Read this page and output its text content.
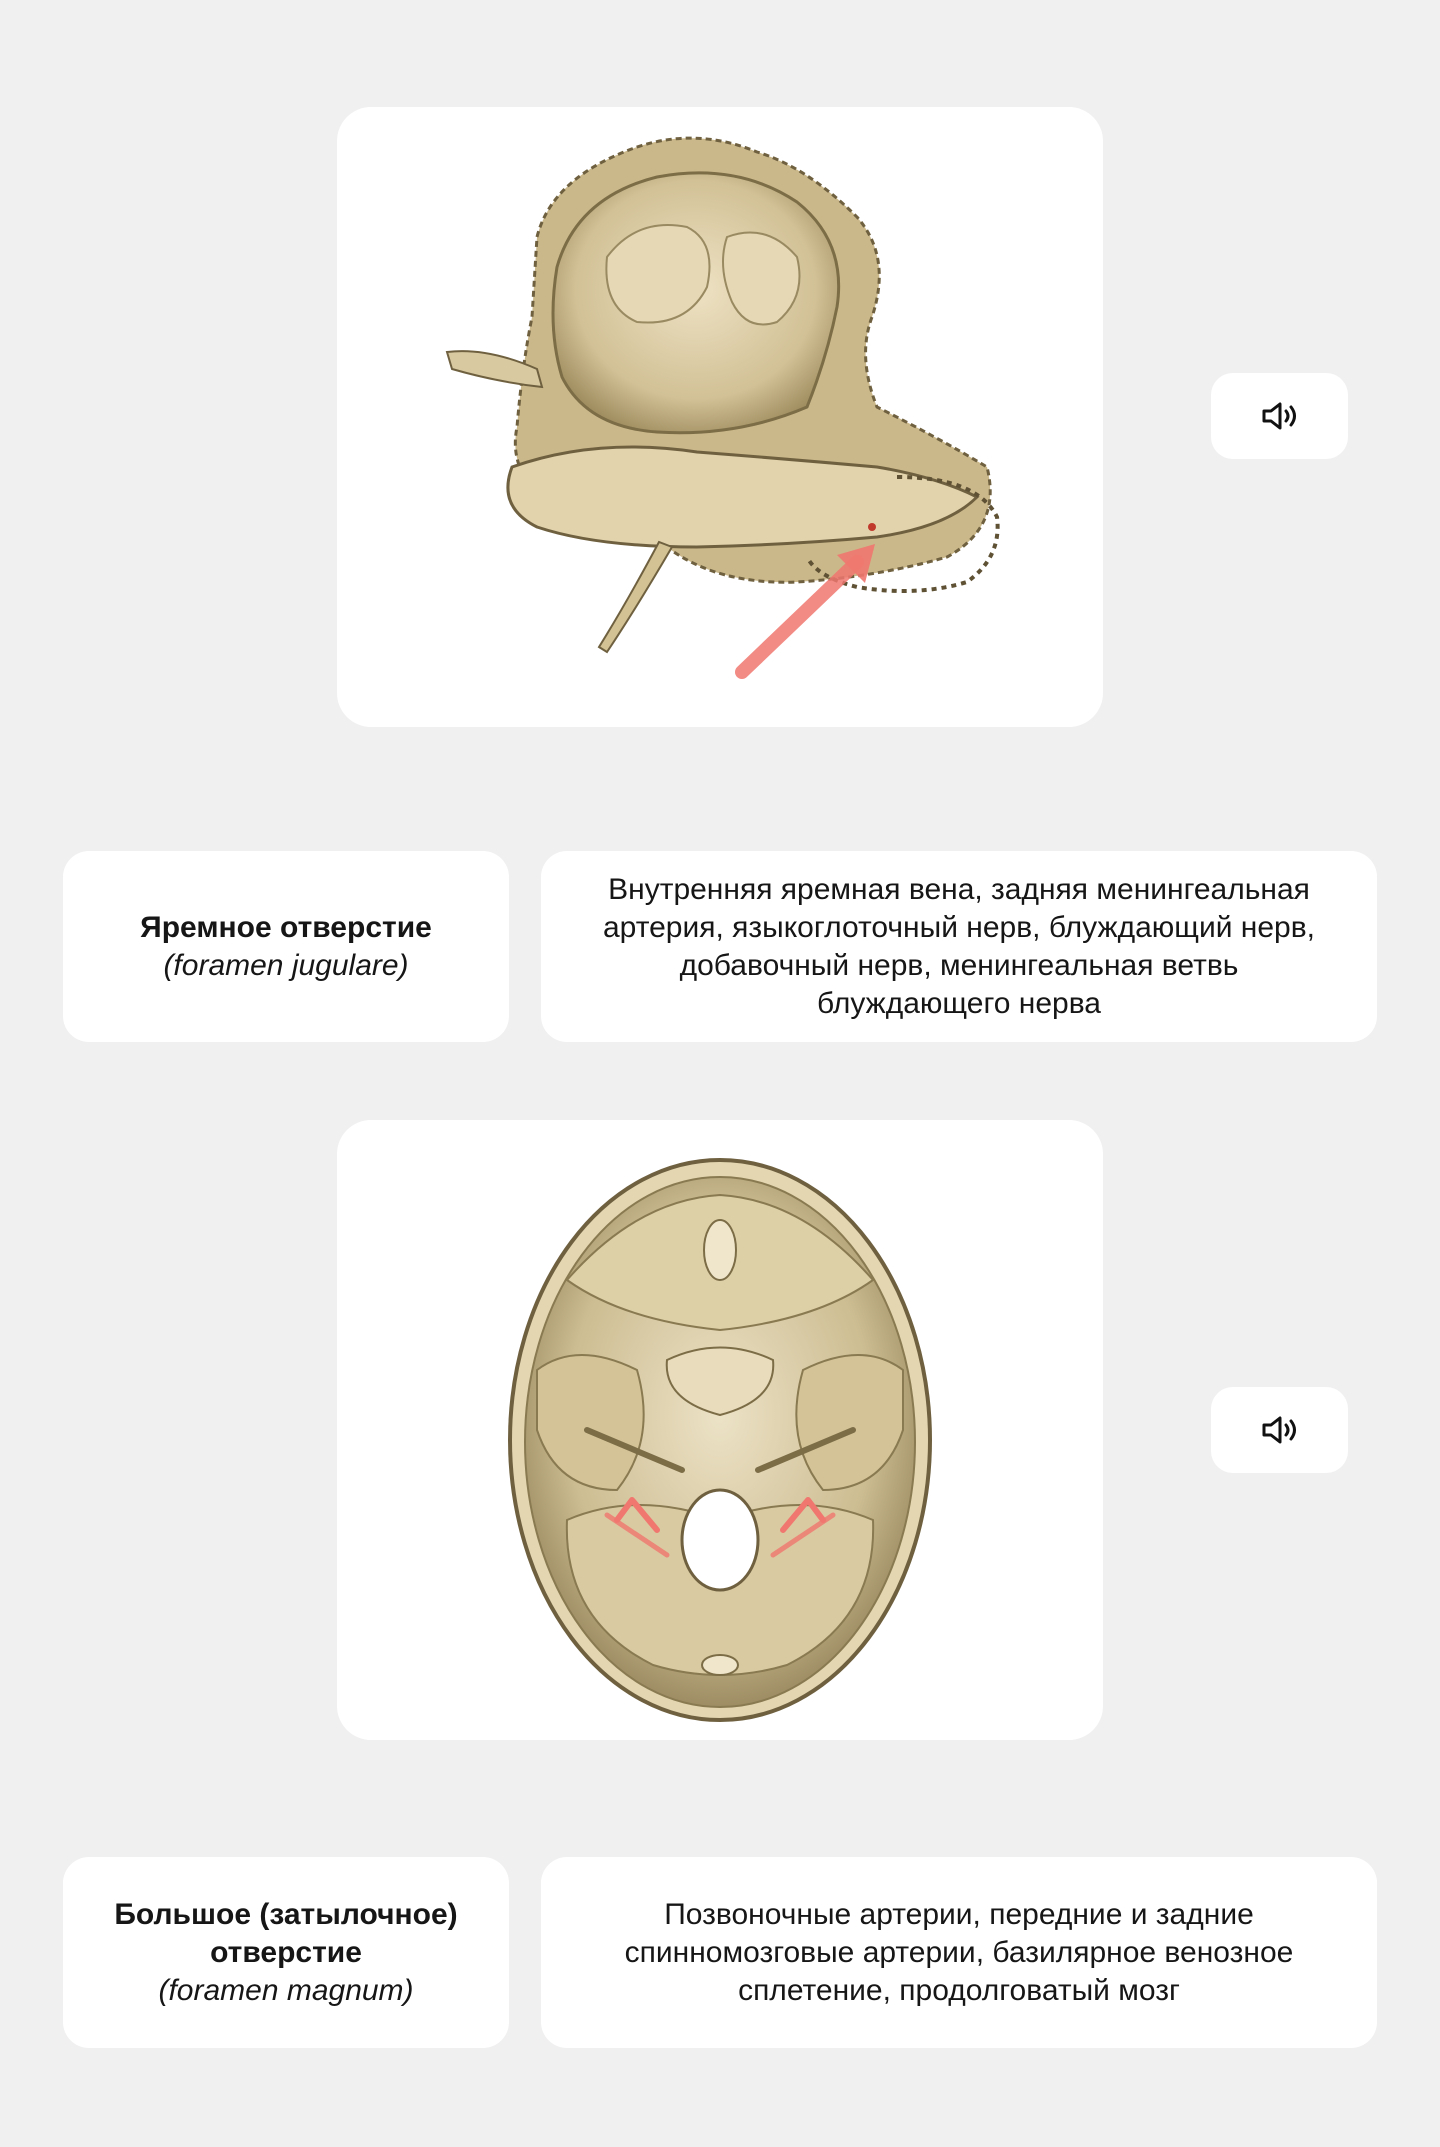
Яремное отверстие
(foramen jugulare)
Внутренняя яремная вена, задняя менингеальная артерия, языкоглоточный нерв, блуждающий нерв, добавочный нерв, менингеальная ветвь блуждающего нерва
Большое (затылочное) отверстие
(foramen magnum)
Позвоночные артерии, передние и задние спинномозговые артерии, базилярное венозное сплетение, продолговатый мозг
